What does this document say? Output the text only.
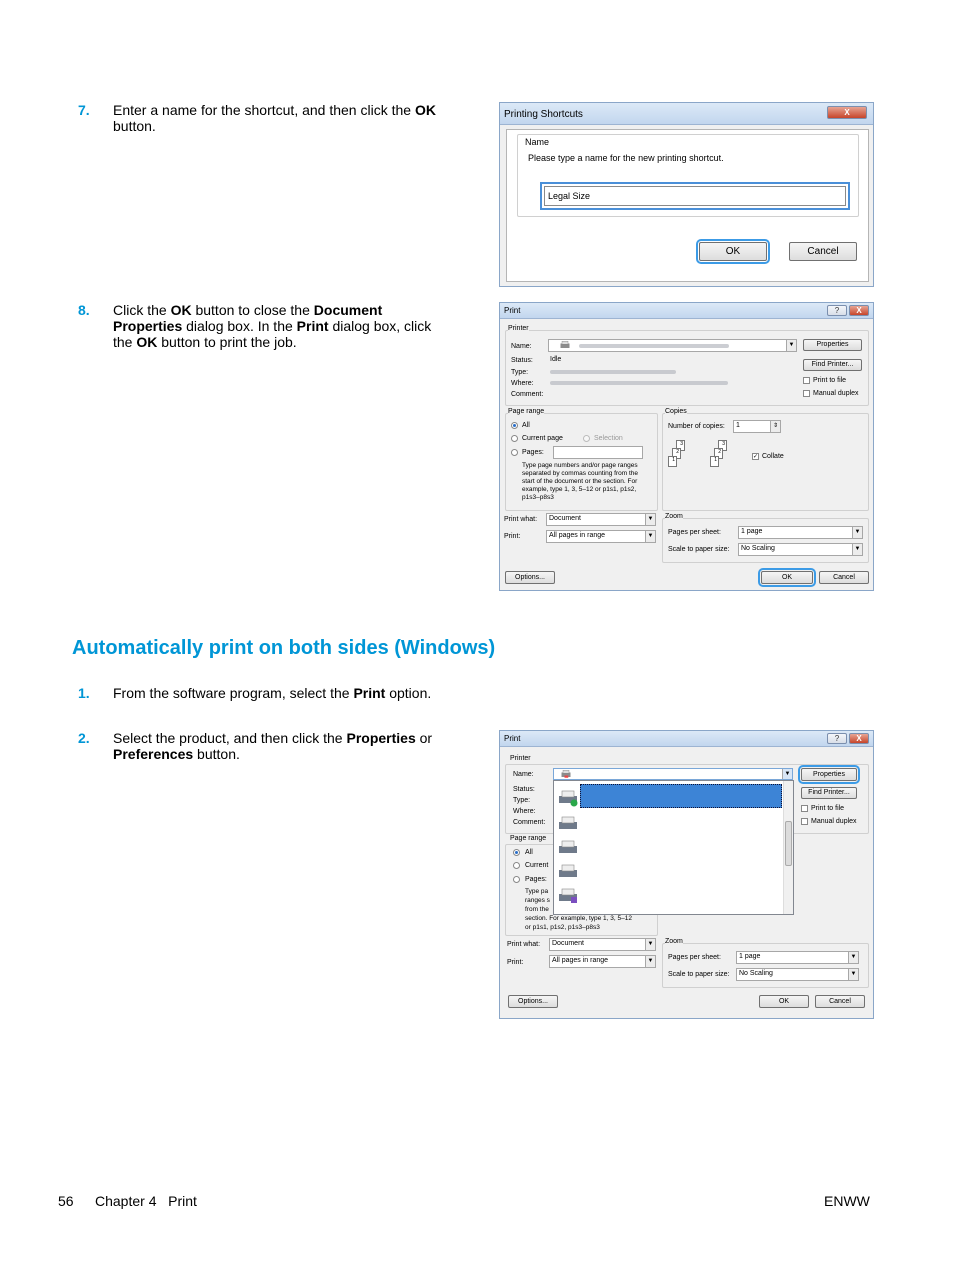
7. Enter a name for the shortcut, and then click the OK button.
8. Click the OK button to close the Document Properties dialog box. In the Print dialog box, click the OK button to print the job.
Automatically print on both sides (Windows)
1. From the software program, select the Print option.
2. Select the product, and then click the Properties or Preferences button.
Printing Shortcuts	X
Name
Please type a name for the new printing shortcut.
Legal Size
OK	Cancel
Print	?	X
Printer
Name:	▼
Status: Idle
Type:
Where:
Comment:
Properties
Find Printer...
Print to file
Manual duplex
Page range
All
Current page	Selection
Pages:
Type page numbers and/or page ranges separated by commas counting from the start of the document or the section. For example, type 1, 3, 5–12 or p1s1, p1s2, p1s3–p8s3
Copies
Number of copies:	1	⇕
3
2
1
3
2
1	✓ Collate
Print what:	Document	▼
Print:	All pages in range	▼
Zoom
Pages per sheet:	1 page	▼
Scale to paper size:	No Scaling	▼
Options...	OK	Cancel
Print	?	X
Printer
Name:
Status:
Type:
Where:
Comment:
Properties
Find Printer...
Print to file
Manual duplex
Page range
All
Current
Pages:
Type pa
ranges s
from the
section. For example, type 1, 3, 5–12
or p1s1, p1s2, p1s3–p8s3
▼
Print what:	Document	▼
Print:	All pages in range	▼
Zoom
Pages per sheet:	1 page	▼
Scale to paper size:	No Scaling	▼
Options...	OK	Cancel
56 Chapter 4   Print	ENWW
